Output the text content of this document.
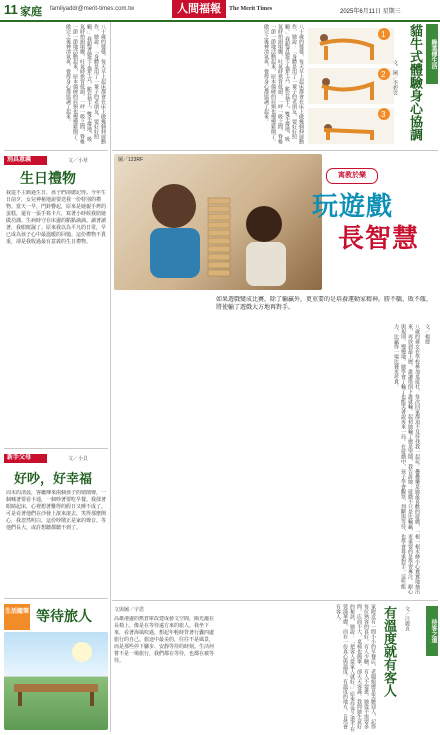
11 家庭 familyaddr@merit-times.com.tw	人間福報	The Merit Times	2025年6月11日 星期三
八十歲的婆婆，每天早上起床都會在床上做幾個伸展動作，她說：「身體是用了一輩子的老朋友，要好好照顧。」我跟著她學了貓牛式，跪在墊上，雙手撐地，吸氣時抬頭塌腰，吐氣時拱背低頭。一呼一吸之間，脊椎一節一節地活動起來，原本僵硬的肩頸也慢慢鬆開了。做完之後神清氣爽，覺得身心都協調了起來。	八十歲的婆婆，每天早上起床都會在床上做幾個伸展動作，她說：「身體是用了一輩子的老朋友，要好好照顧。」我跟著她學了貓牛式，跪在墊上，雙手撐地，吸氣時抬頭塌腰，吐氣時拱背低頭。一呼一吸之間，脊椎一節一節地活動起來，原本僵硬的肩頸也慢慢鬆開了。做完之後神清氣爽，覺得身心都協調了起來。	1
2
3 貓牛式體驗身心協調
文、圖／李碧雲
綠葉傳生活
別具意義	文／小草
生日禮物
我從不主動過生日，孩子們卻總記得。今年生日前夕，女兒神秘地說要送我一份特別的禮物。當天一早，門鈴響起，原來是她親手烤的蛋糕，還有一張手寫卡片，寫著小時候我陪她做功課、生病時守在床邊的點點滴滴。讀著讀著，我眼眶濕了。原來我以為平凡的日常，早已成為孩子心中最溫暖的回憶。這份禮物不貴重，卻是我收過最有意義的生日禮物。
新手父母	文／小貝
好吵，好幸福
周末的清晨，客廳傳來兩個孩子的嬉鬧聲，一個喊著要看卡通，一個吵著要吃早餐。我揉著眼睛起床，心裡想著難得的假日又睡不成了。可是看著他們在沙發上滾來滾去，笑得那麼開心，我忽然明白，這份吵鬧正是家的聲音。等他們長大，或許想聽都聽不到了。
圖／123RF
寓教於樂
玩遊戲
長智慧
如果遊戲變成比賽，除了輸贏外，更重要的是培養運動家精神。勝不驕、敗不餒，將使輸了遊戲大方地再對手。
文／楊捷
八歲的孫女在學校參加桌遊社，每次回家都迫不及待找我一起玩。疊疊樂是她最喜歡的遊戲，一根一根木條小心翼翼地抽出來，再放到最上層，誰讓塔倒下誰就輸。起初她輸了總是哭鬧，我告訴她：遊戲不只是比輸贏，更重要的是學習專注、耐心與規則。慢慢地，她學會了輸了也能笑著說再來一局。在遊戲中，孩子學會觀察、判斷與等待，也學會尊重對手。這些能力，比贏得一場比賽更珍貴。
家附近有一間小小的早餐店，老闆娘總是笑臉迎人，記得每位熟客的喜好。有人少糖，有人不要蔥，她從不需要多問。店面不大，桌椅也簡單，卻天天客滿。我問她生意好的秘訣，她說：「把客人當家人就好。」原來待客之道不在裝潢華麗，而在一份真心與溫度。有溫度的地方，自然會有客人。	有溫度就有客人 文／汪麗貞	待客之道
生活隨筆 等待旅人	文與圖／宇恩
高雄港邊的舊倉庫改建成藝文空間，陽光灑在長椅上，像是在等待遠方來的旅人。我坐下來，看著海風吹過，想起年輕時背著行囊四處旅行的自己。旅途中最美的，往往不是風景，而是那些停下腳步、安靜等待的時刻。生活何嘗不是一場旅行，我們都在等待，也都在被等待。
